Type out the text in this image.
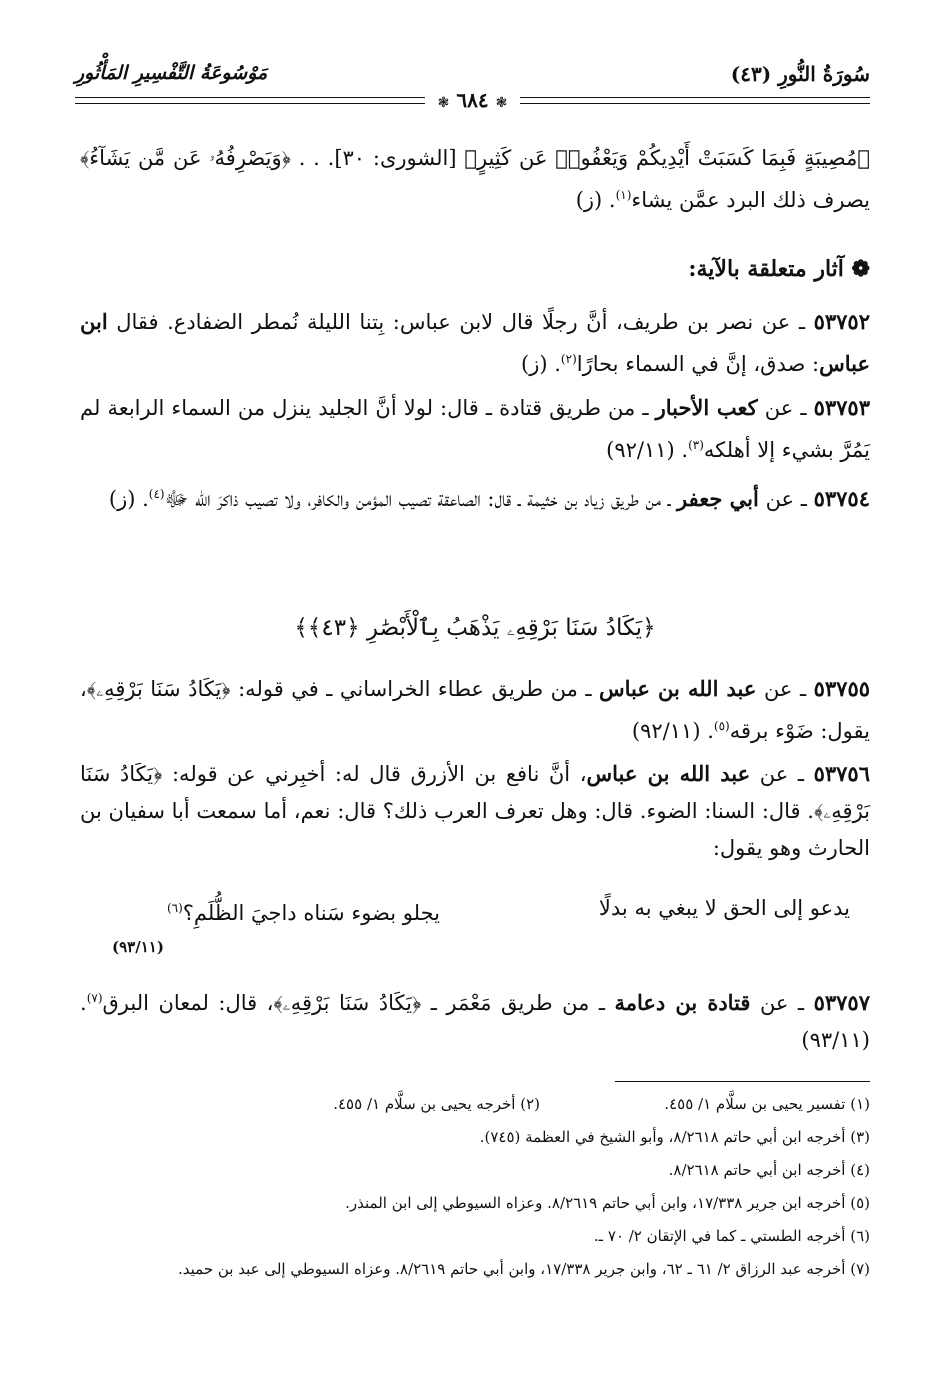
سُورَةُ النُّورِ (٤٣)
مَوْسُوعَةُ التَّفْسِيرِ المَأْثُورِ
❃ ٦٨٤ ❃
﴿مُصِيبَةٍ فَبِمَا كَسَبَتْ أَيْدِيكُمْ وَيَعْفُوا۟ عَن كَثِيرٍ﴾ [الشورى: ٣٠]. . . ﴿وَيَصْرِفُهُۥ عَن مَّن يَشَآءُ﴾ يصرف ذلك البرد عمَّن يشاء$^{(١)}$. (ز)
❁ آثار متعلقة بالآية:
٥٣٧٥٢ ـ عن نصر بن طريف، أنَّ رجلًا قال لابن عباس: بِتنا الليلة نُمطر الضفادع. فقال ابن عباس: صدق، إنَّ في السماء بحارًا$^{(٢)}$. (ز)
٥٣٧٥٣ ـ عن كعب الأحبار ـ من طريق قتادة ـ قال: لولا أنَّ الجليد ينزل من السماء الرابعة لم يَمُرَّ بشيء إلا أهلكه$^{(٣)}$. (٩٢/١١)
٥٣٧٥٤ ـ عن أبي جعفر ـ من طريق زياد بن خثيمة ـ قال: الصاعقة تصيب المؤمن والكافر، ولا تصيب ذاكرَ الله ﷻ$^{(٤)}$. (ز)
﴿يَكَادُ سَنَا بَرْقِهِۦ يَذْهَبُ بِٱلْأَبْصَٰرِ ﴿٤٣﴾﴾
٥٣٧٥٥ ـ عن عبد الله بن عباس ـ من طريق عطاء الخراساني ـ في قوله: ﴿يَكَادُ سَنَا بَرْقِهِۦ﴾، يقول: ضَوْء برقه$^{(٥)}$. (٩٢/١١)
٥٣٧٥٦ ـ عن عبد الله بن عباس، أنَّ نافع بن الأزرق قال له: أخبِرني عن قوله: ﴿يَكَادُ سَنَا بَرْقِهِۦ﴾. قال: السنا: الضوء. قال: وهل تعرف العرب ذلك؟ قال: نعم، أما سمعت أبا سفيان بن الحارث وهو يقول:
يدعو إلى الحق لا يبغي به بدلًا
يجلو بضوء سَناه داجيَ الظُّلَمِ؟$^{(٦)}$
(٩٣/١١)
٥٣٧٥٧ ـ عن قتادة بن دعامة ـ من طريق مَعْمَر ـ ﴿يَكَادُ سَنَا بَرْقِهِۦ﴾، قال: لمعان البرق$^{(٧)}$. (٩٣/١١)
(١) تفسير يحيى بن سلَّام ١/ ٤٥٥.
(٢) أخرجه يحيى بن سلَّام ١/ ٤٥٥.
(٣) أخرجه ابن أبي حاتم ٨/٢٦١٨، وأبو الشيخ في العظمة (٧٤٥).
(٤) أخرجه ابن أبي حاتم ٨/٢٦١٨.
(٥) أخرجه ابن جرير ١٧/٣٣٨، وابن أبي حاتم ٨/٢٦١٩. وعزاه السيوطي إلى ابن المنذر.
(٦) أخرجه الطستي ـ كما في الإتقان ٢/ ٧٠ ـ.
(٧) أخرجه عبد الرزاق ٢/ ٦١ ـ ٦٢، وابن جرير ١٧/٣٣٨، وابن أبي حاتم ٨/٢٦١٩. وعزاه السيوطي إلى عبد بن حميد.
